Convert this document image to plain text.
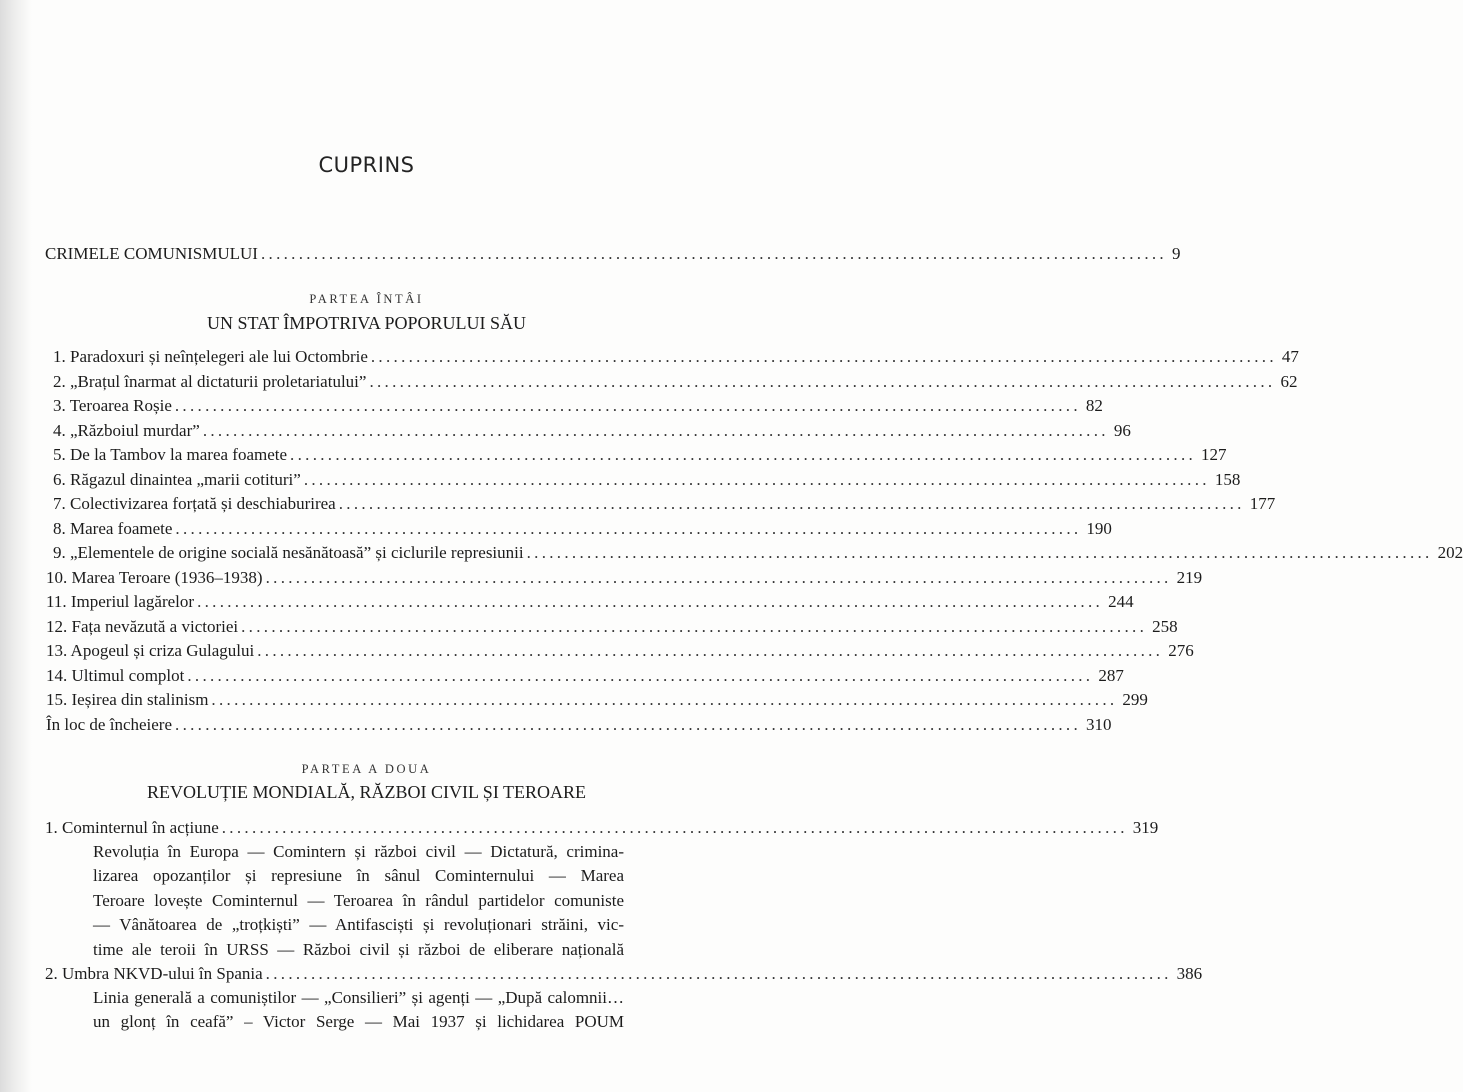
CUPRINS
CRIMELE COMUNISMULUI ........................................................................................................................ 9
PARTEA ÎNTÂI
UN STAT ÎMPOTRIVA POPORULUI SĂU
1. Paradoxuri și neînțelegeri ale lui Octombrie ........................................................................................................................ 47
2. „Brațul înarmat al dictaturii proletariatului” ........................................................................................................................ 62
3. Teroarea Roșie ........................................................................................................................ 82
4. „Războiul murdar” ........................................................................................................................ 96
5. De la Tambov la marea foamete ........................................................................................................................ 127
6. Răgazul dinaintea „marii cotituri” ........................................................................................................................ 158
7. Colectivizarea forțată și deschiaburirea ........................................................................................................................ 177
8. Marea foamete ........................................................................................................................ 190
9. „Elementele de origine socială nesănătoasă” și ciclurile represiunii ........................................................................................................................ 202
10. Marea Teroare (1936–1938) ........................................................................................................................ 219
11. Imperiul lagărelor ........................................................................................................................ 244
12. Fața nevăzută a victoriei ........................................................................................................................ 258
13. Apogeul și criza Gulagului ........................................................................................................................ 276
14. Ultimul complot ........................................................................................................................ 287
15. Ieșirea din stalinism ........................................................................................................................ 299
În loc de încheiere ........................................................................................................................ 310
PARTEA A DOUA
REVOLUȚIE MONDIALĂ, RĂZBOI CIVIL ȘI TEROARE
1. Cominternul în acțiune ........................................................................................................................ 319
Revoluția în Europa — Comintern și război civil — Dictatură, crimina-
lizarea opozanților și represiune în sânul Cominternului — Marea
Teroare lovește Cominternul — Teroarea în rândul partidelor comuniste
— Vânătoarea de „troțkiști” — Antifasciști și revoluționari străini, vic-
time ale teroii în URSS — Război civil și război de eliberare națională
2. Umbra NKVD-ului în Spania ........................................................................................................................ 386
Linia generală a comuniștilor — „Consilieri” și agenți — „După calomnii…
un glonț în ceafă” – Victor Serge — Mai 1937 și lichidarea POUM
